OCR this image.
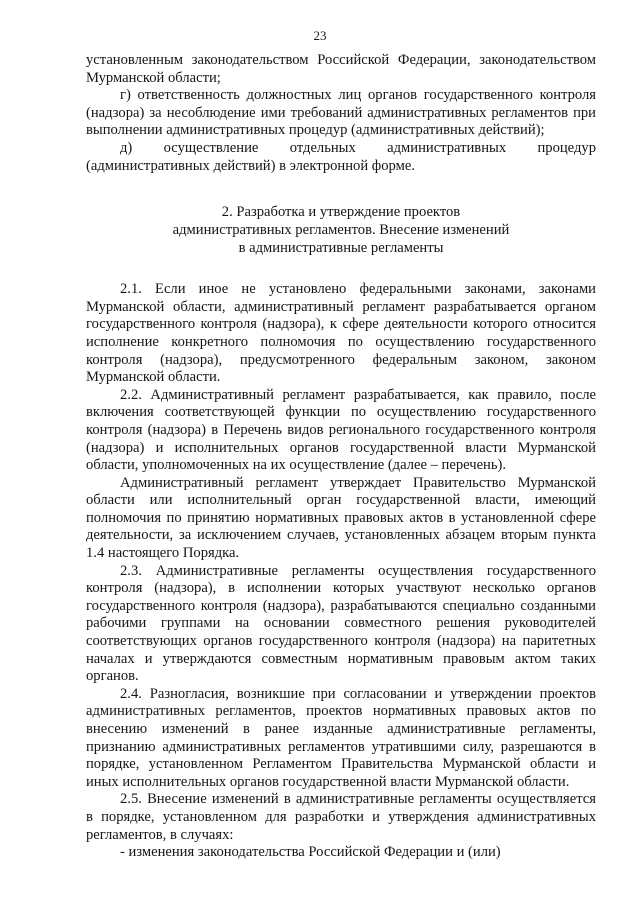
23

установленным законодательством Российской Федерации, законодательством Мурманской области;

г) ответственность должностных лиц органов государственного контроля (надзора) за несоблюдение ими требований административных регламентов при выполнении административных процедур (административных действий);

д) осуществление отдельных административных процедур (административных действий) в электронной форме.

2. Разработка и утверждение проектов
административных регламентов. Внесение изменений
в административные регламенты

2.1. Если иное не установлено федеральными законами, законами Мурманской области, административный регламент разрабатывается органом государственного контроля (надзора), к сфере деятельности которого относится исполнение конкретного полномочия по осуществлению государственного контроля (надзора), предусмотренного федеральным законом, законом Мурманской области.

2.2. Административный регламент разрабатывается, как правило, после включения соответствующей функции по осуществлению государственного контроля (надзора) в Перечень видов регионального государственного контроля (надзора) и исполнительных органов государственной власти Мурманской области, уполномоченных на их осуществление (далее – перечень).

Административный регламент утверждает Правительство Мурманской области или исполнительный орган государственной власти, имеющий полномочия по принятию нормативных правовых актов в установленной сфере деятельности, за исключением случаев, установленных абзацем вторым пункта 1.4 настоящего Порядка.

2.3. Административные регламенты осуществления государственного контроля (надзора), в исполнении которых участвуют несколько органов государственного контроля (надзора), разрабатываются специально созданными рабочими группами на основании совместного решения руководителей соответствующих органов государственного контроля (надзора) на паритетных началах и утверждаются совместным нормативным правовым актом таких органов.

2.4. Разногласия, возникшие при согласовании и утверждении проектов административных регламентов, проектов нормативных правовых актов по внесению изменений в ранее изданные административные регламенты, признанию административных регламентов утратившими силу, разрешаются в порядке, установленном Регламентом Правительства Мурманской области и иных исполнительных органов государственной власти Мурманской области.

2.5. Внесение изменений в административные регламенты осуществляется в порядке, установленном для разработки и утверждения административных регламентов, в случаях:

- изменения законодательства Российской Федерации и (или)
